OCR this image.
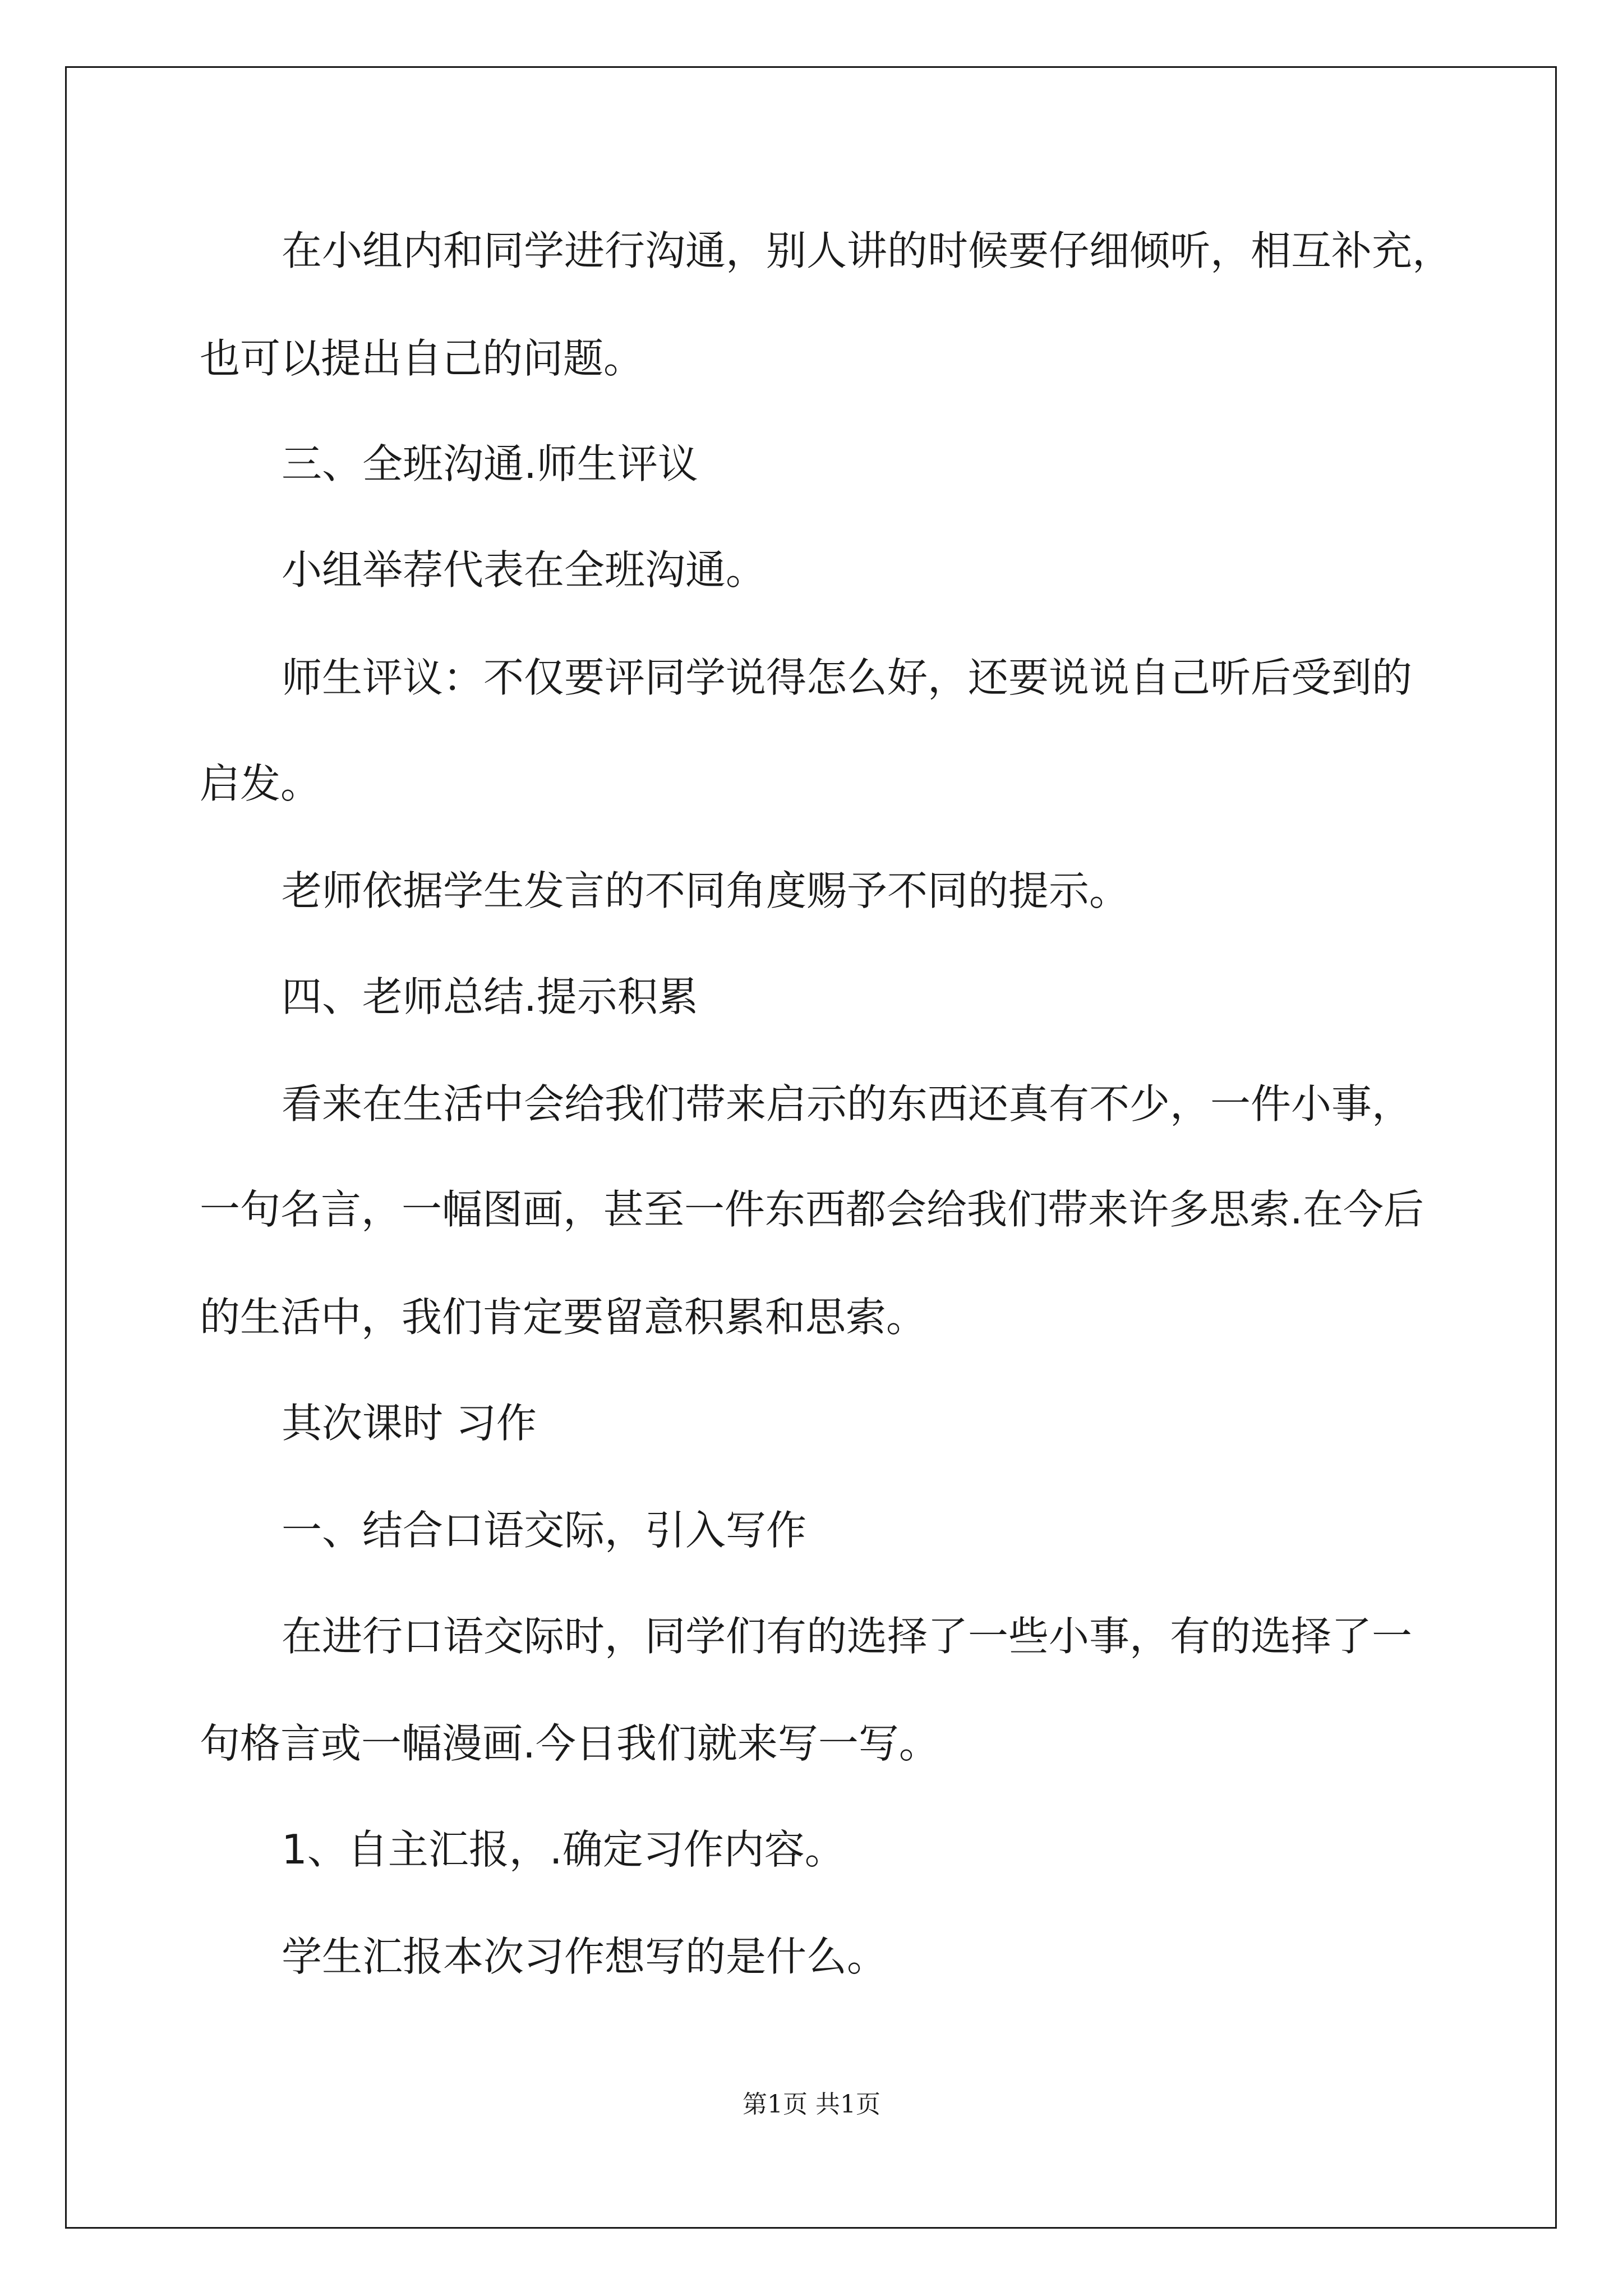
在小组内和同学进行沟通，别人讲的时候要仔细倾听，相互补充，
也可以提出自己的问题。
三、全班沟通.师生评议
小组举荐代表在全班沟通。
师生评议：不仅要评同学说得怎么好，还要说说自己听后受到的
启发。
老师依据学生发言的不同角度赐予不同的提示。
四、老师总结.提示积累
看来在生活中会给我们带来启示的东西还真有不少，一件小事，
一句名言，一幅图画，甚至一件东西都会给我们带来许多思索.在今后
的生活中，我们肯定要留意积累和思索。
其次课时 习作
一、结合口语交际，引入写作
在进行口语交际时，同学们有的选择了一些小事，有的选择了一
句格言或一幅漫画.今日我们就来写一写。
1、自主汇报，.确定习作内容。
学生汇报本次习作想写的是什么。
第1页 共1页
